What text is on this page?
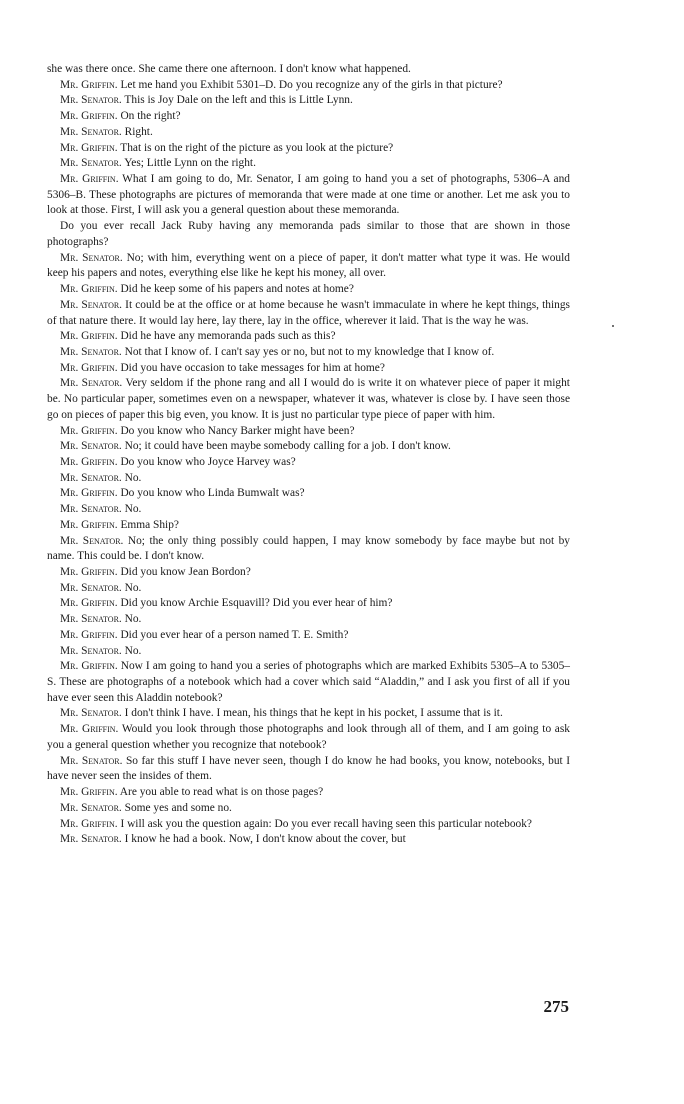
she was there once. She came there one afternoon. I don't know what happened.

Mr. Griffin. Let me hand you Exhibit 5301–D. Do you recognize any of the girls in that picture?

Mr. Senator. This is Joy Dale on the left and this is Little Lynn.

Mr. Griffin. On the right?

Mr. Senator. Right.

Mr. Griffin. That is on the right of the picture as you look at the picture?

Mr. Senator. Yes; Little Lynn on the right.

Mr. Griffin. What I am going to do, Mr. Senator, I am going to hand you a set of photographs, 5306–A and 5306–B. These photographs are pictures of memoranda that were made at one time or another. Let me ask you to look at those. First, I will ask you a general question about these memoranda.

Do you ever recall Jack Ruby having any memoranda pads similar to those that are shown in those photographs?

Mr. Senator. No; with him, everything went on a piece of paper, it don't matter what type it was. He would keep his papers and notes, everything else like he kept his money, all over.

Mr. Griffin. Did he keep some of his papers and notes at home?

Mr. Senator. It could be at the office or at home because he wasn't immaculate in where he kept things, things of that nature there. It would lay here, lay there, lay in the office, wherever it laid. That is the way he was.

Mr. Griffin. Did he have any memoranda pads such as this?

Mr. Senator. Not that I know of. I can't say yes or no, but not to my knowledge that I know of.

Mr. Griffin. Did you have occasion to take messages for him at home?

Mr. Senator. Very seldom if the phone rang and all I would do is write it on whatever piece of paper it might be. No particular paper, sometimes even on a newspaper, whatever it was, whatever is close by. I have seen those go on pieces of paper this big even, you know. It is just no particular type piece of paper with him.

Mr. Griffin. Do you know who Nancy Barker might have been?

Mr. Senator. No; it could have been maybe somebody calling for a job. I don't know.

Mr. Griffin. Do you know who Joyce Harvey was?

Mr. Senator. No.

Mr. Griffin. Do you know who Linda Bumwalt was?

Mr. Senator. No.

Mr. Griffin. Emma Ship?

Mr. Senator. No; the only thing possibly could happen, I may know somebody by face maybe but not by name. This could be. I don't know.

Mr. Griffin. Did you know Jean Bordon?

Mr. Senator. No.

Mr. Griffin. Did you know Archie Esquavill? Did you ever hear of him?

Mr. Senator. No.

Mr. Griffin. Did you ever hear of a person named T. E. Smith?

Mr. Senator. No.

Mr. Griffin. Now I am going to hand you a series of photographs which are marked Exhibits 5305–A to 5305–S. These are photographs of a notebook which had a cover which said “Aladdin,” and I ask you first of all if you have ever seen this Aladdin notebook?

Mr. Senator. I don't think I have. I mean, his things that he kept in his pocket, I assume that is it.

Mr. Griffin. Would you look through those photographs and look through all of them, and I am going to ask you a general question whether you recognize that notebook?

Mr. Senator. So far this stuff I have never seen, though I do know he had books, you know, notebooks, but I have never seen the insides of them.

Mr. Griffin. Are you able to read what is on those pages?

Mr. Senator. Some yes and some no.

Mr. Griffin. I will ask you the question again: Do you ever recall having seen this particular notebook?

Mr. Senator. I know he had a book. Now, I don't know about the cover, but

275
